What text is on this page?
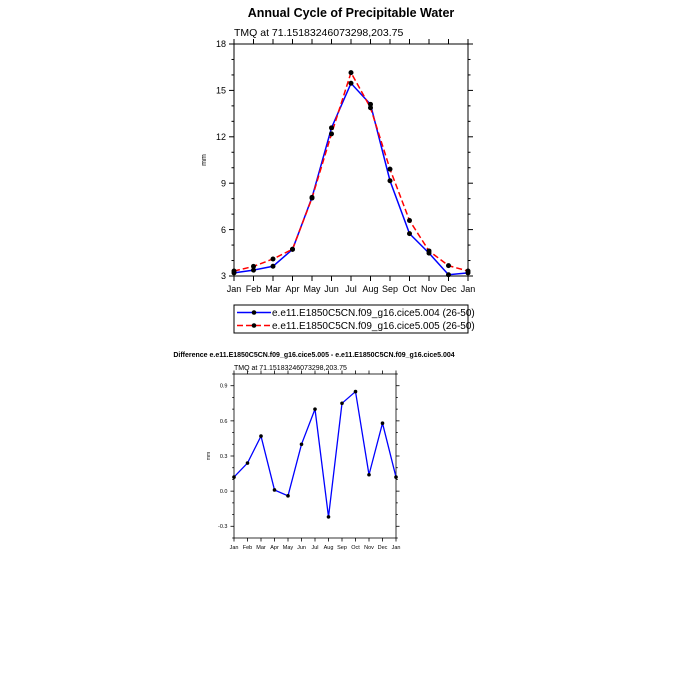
Annual Cycle of Precipitable Water
TMQ at 71.15183246073298,203.75
mm
3
6
9
12
15
18
Jan Feb Mar Apr May Jun Jul Aug Sep Oct Nov Dec Jan
e.e11.E1850C5CN.f09_g16.cice5.004 (26-50)
e.e11.E1850C5CN.f09_g16.cice5.005 (26-50)
Difference e.e11.E1850C5CN.f09_g16.cice5.005 - e.e11.E1850C5CN.f09_g16.cice5.004
TMQ at 71.15183246073298,203.75
mm
-0.3
0.0
0.3
0.6
0.9
Jan Feb Mar Apr May Jun Jul Aug Sep Oct Nov Dec Jan
